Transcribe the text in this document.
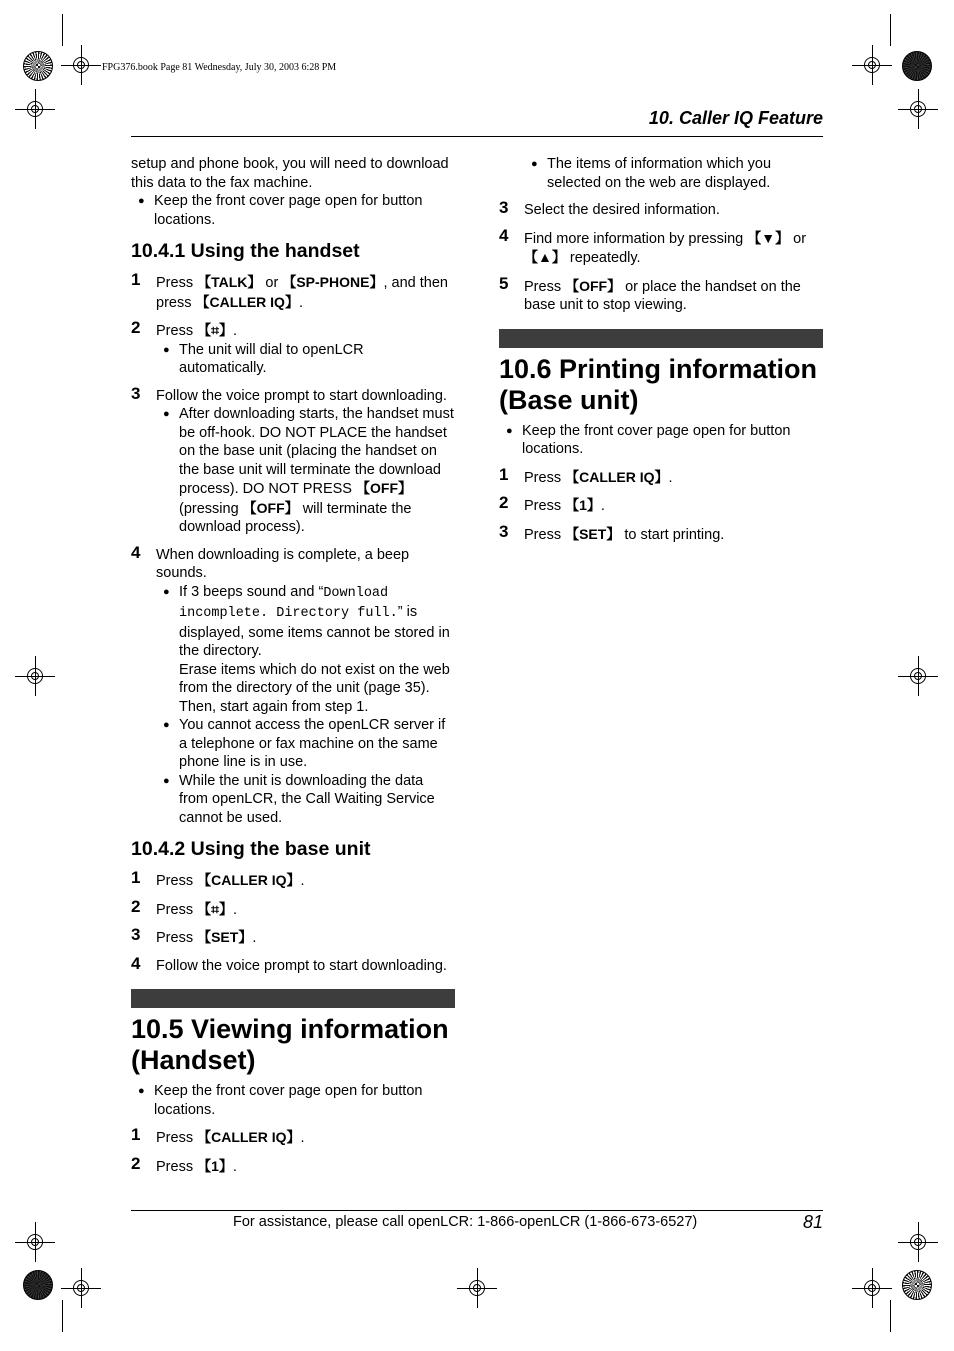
FPG376.book Page 81 Wednesday, July 30, 2003 6:28 PM
10. Caller IQ Feature

setup and phone book, you will need to download this data to the fax machine.

● Keep the front cover page open for button locations.
10.4.1 Using the handset
1 Press 【TALK】 or 【SP-PHONE】, and then press 【CALLER IQ】.
2 Press 【⌗】.
● The unit will dial to openLCR automatically.
3 Follow the voice prompt to start downloading.
● After downloading starts, the handset must be off-hook. DO NOT PLACE the handset on the base unit (placing the handset on the base unit will terminate the download process). DO NOT PRESS 【OFF】 (pressing 【OFF】 will terminate the download process).
4 When downloading is complete, a beep sounds.
● If 3 beeps sound and “Download incomplete. Directory full.” is displayed, some items cannot be stored in the directory.
Erase items which do not exist on the web from the directory of the unit (page 35). Then, start again from step 1.
● You cannot access the openLCR server if a telephone or fax machine on the same phone line is in use.
● While the unit is downloading the data from openLCR, the Call Waiting Service cannot be used.
10.4.2 Using the base unit
1 Press 【CALLER IQ】.
2 Press 【⌗】.
3 Press 【SET】.
4 Follow the voice prompt to start downloading.
10.5 Viewing information (Handset)
● Keep the front cover page open for button locations.
1 Press 【CALLER IQ】.
2 Press 【1】.
● The items of information which you selected on the web are displayed.
3 Select the desired information.
4 Find more information by pressing 【▼】 or 【▲】 repeatedly.
5 Press 【OFF】 or place the handset on the base unit to stop viewing.
10.6 Printing information (Base unit)
● Keep the front cover page open for button locations.
1 Press 【CALLER IQ】.
2 Press 【1】.
3 Press 【SET】 to start printing.
For assistance, please call openLCR: 1-866-openLCR (1-866-673-6527)	81
